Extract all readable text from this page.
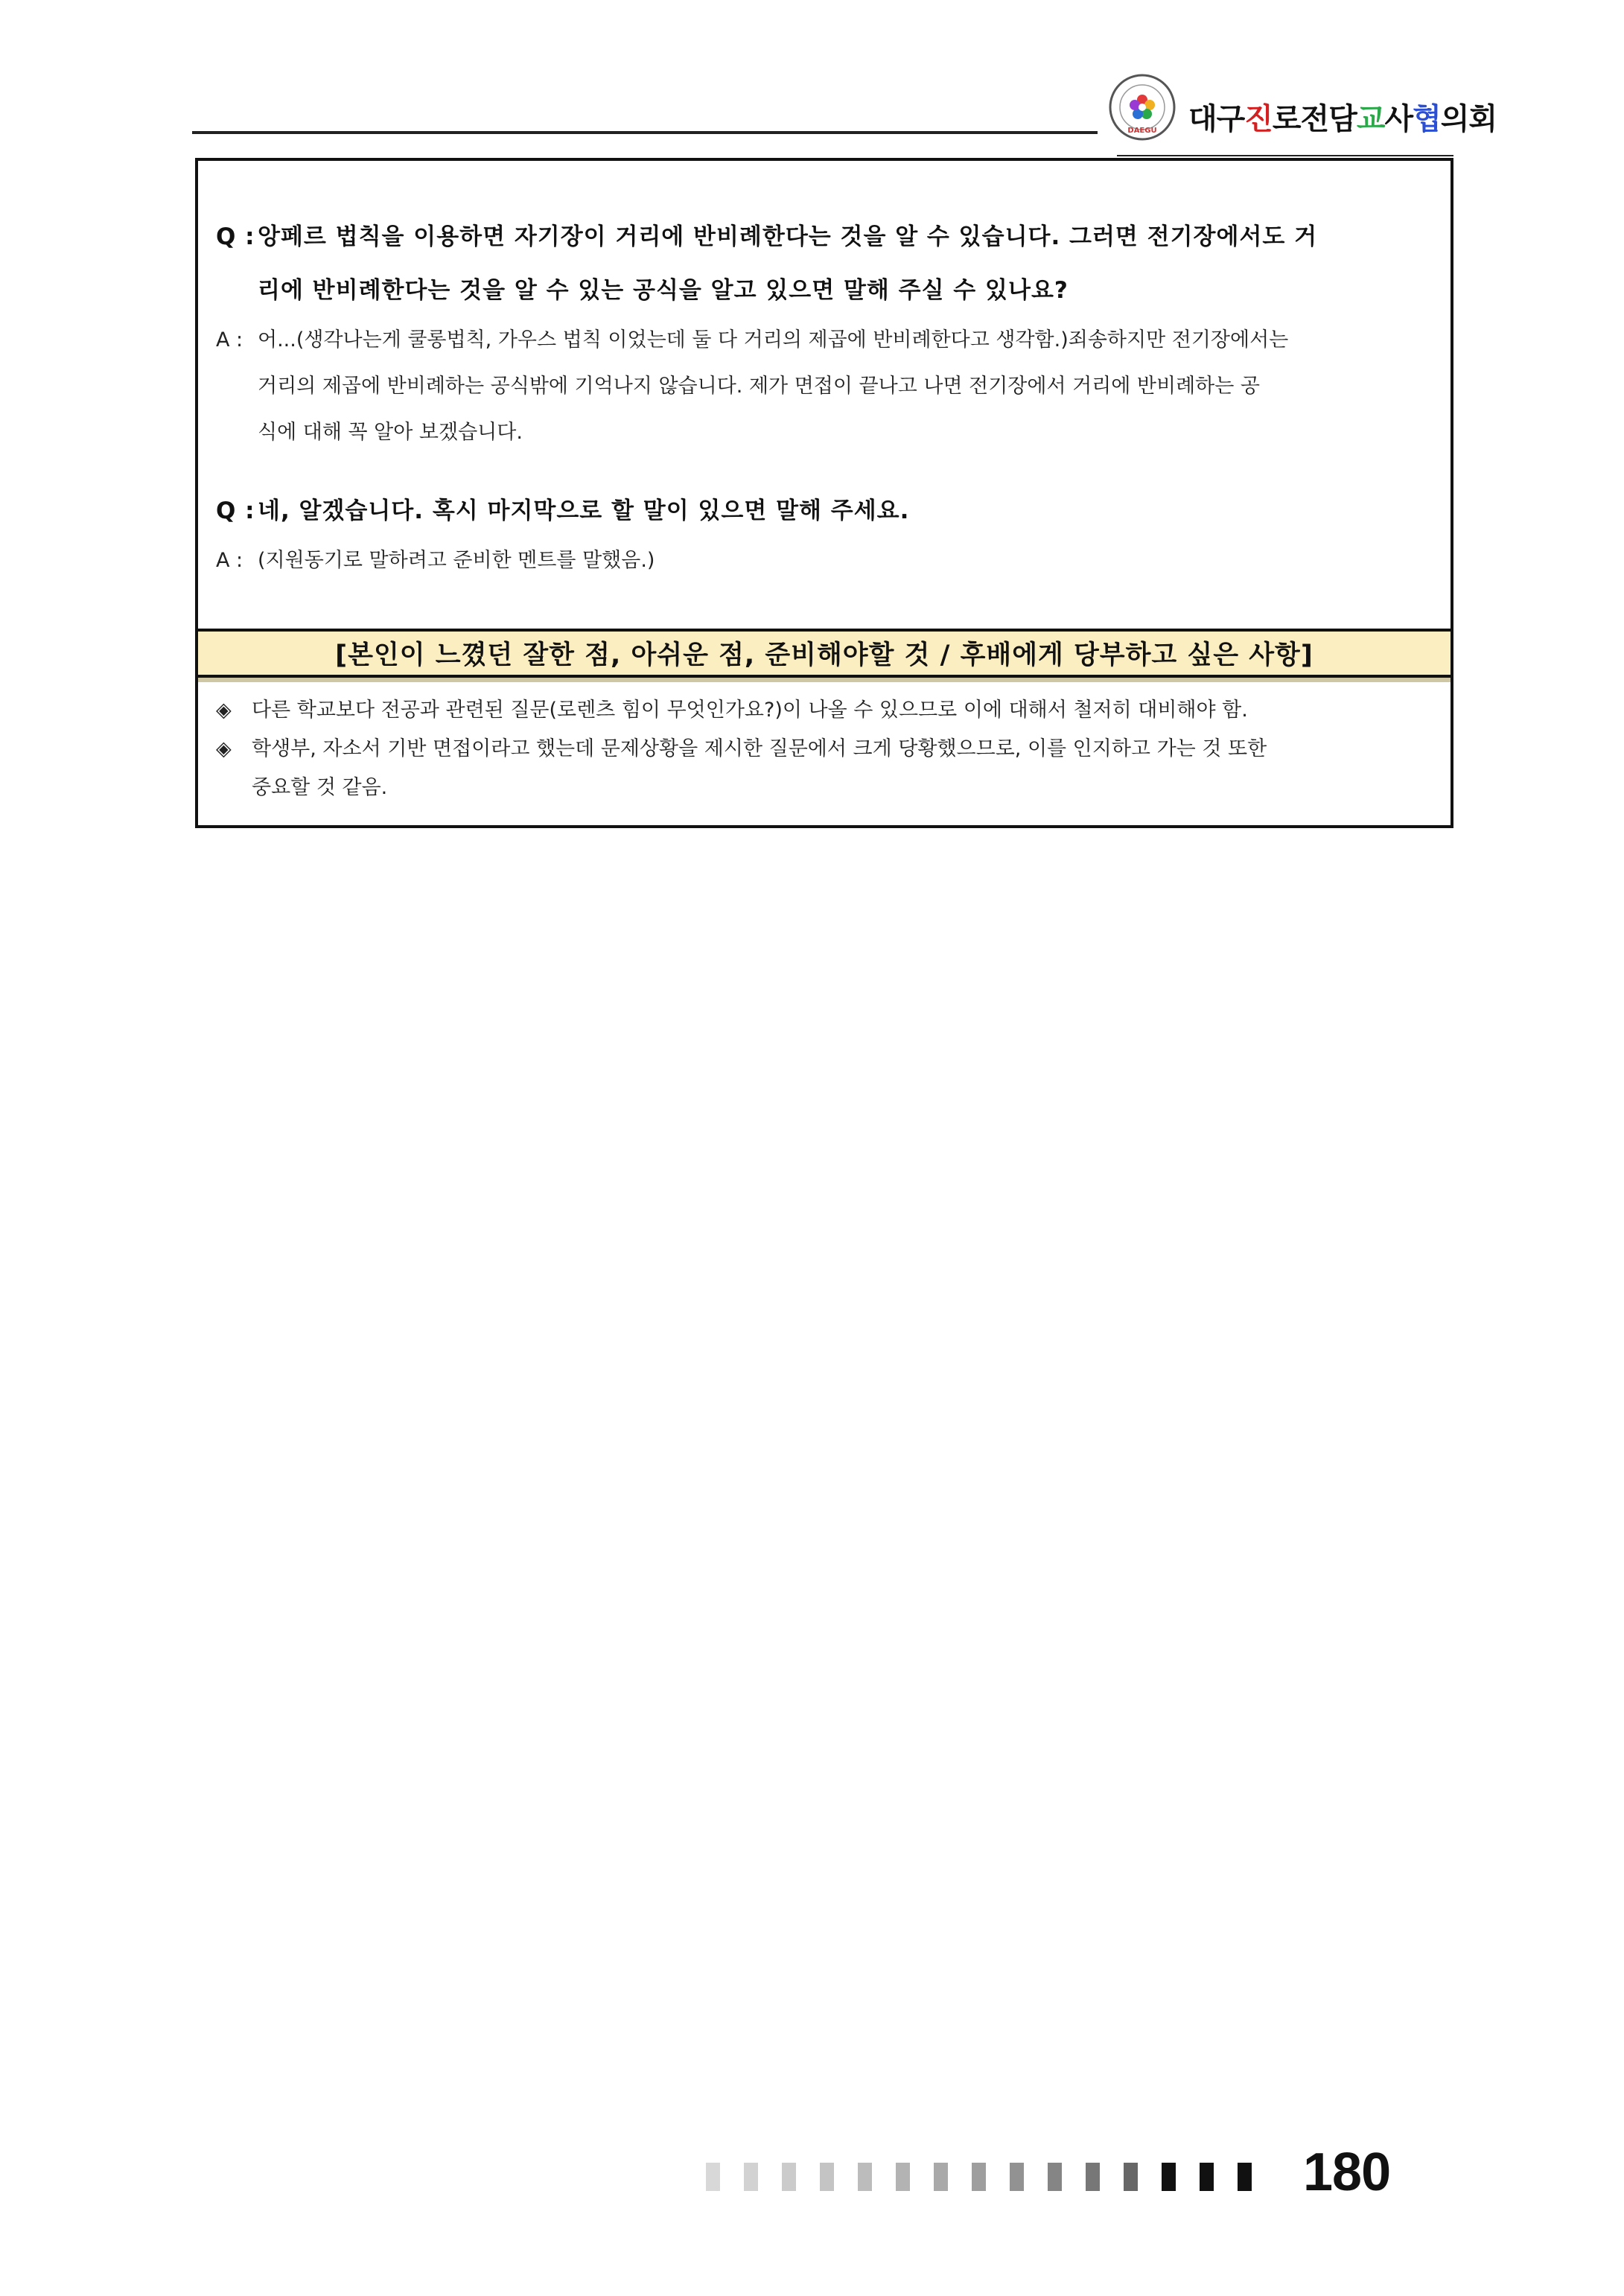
DAEGU 대구진로전담교사협의회
Q : 앙페르 법칙을 이용하면 자기장이 거리에 반비례한다는 것을 알 수 있습니다. 그러면 전기장에서도 거
리에 반비례한다는 것을 알 수 있는 공식을 알고 있으면 말해 주실 수 있나요?
A : 어...(생각나는게 쿨롱법칙, 가우스 법칙 이었는데 둘 다 거리의 제곱에 반비례한다고 생각함.)죄송하지만 전기장에서는
거리의 제곱에 반비례하는 공식밖에 기억나지 않습니다. 제가 면접이 끝나고 나면 전기장에서 거리에 반비례하는 공
식에 대해 꼭 알아 보겠습니다.
Q : 네, 알겠습니다. 혹시 마지막으로 할 말이 있으면 말해 주세요.
A : (지원동기로 말하려고 준비한 멘트를 말했음.)
[본인이 느꼈던 잘한 점, 아쉬운 점, 준비해야할 것 / 후배에게 당부하고 싶은 사항]
◈ 다른 학교보다 전공과 관련된 질문(로렌츠 힘이 무엇인가요?)이 나올 수 있으므로 이에 대해서 철저히 대비해야 함.
◈ 학생부, 자소서 기반 면접이라고 했는데 문제상황을 제시한 질문에서 크게 당황했으므로, 이를 인지하고 가는 것 또한
중요할 것 같음.
180
